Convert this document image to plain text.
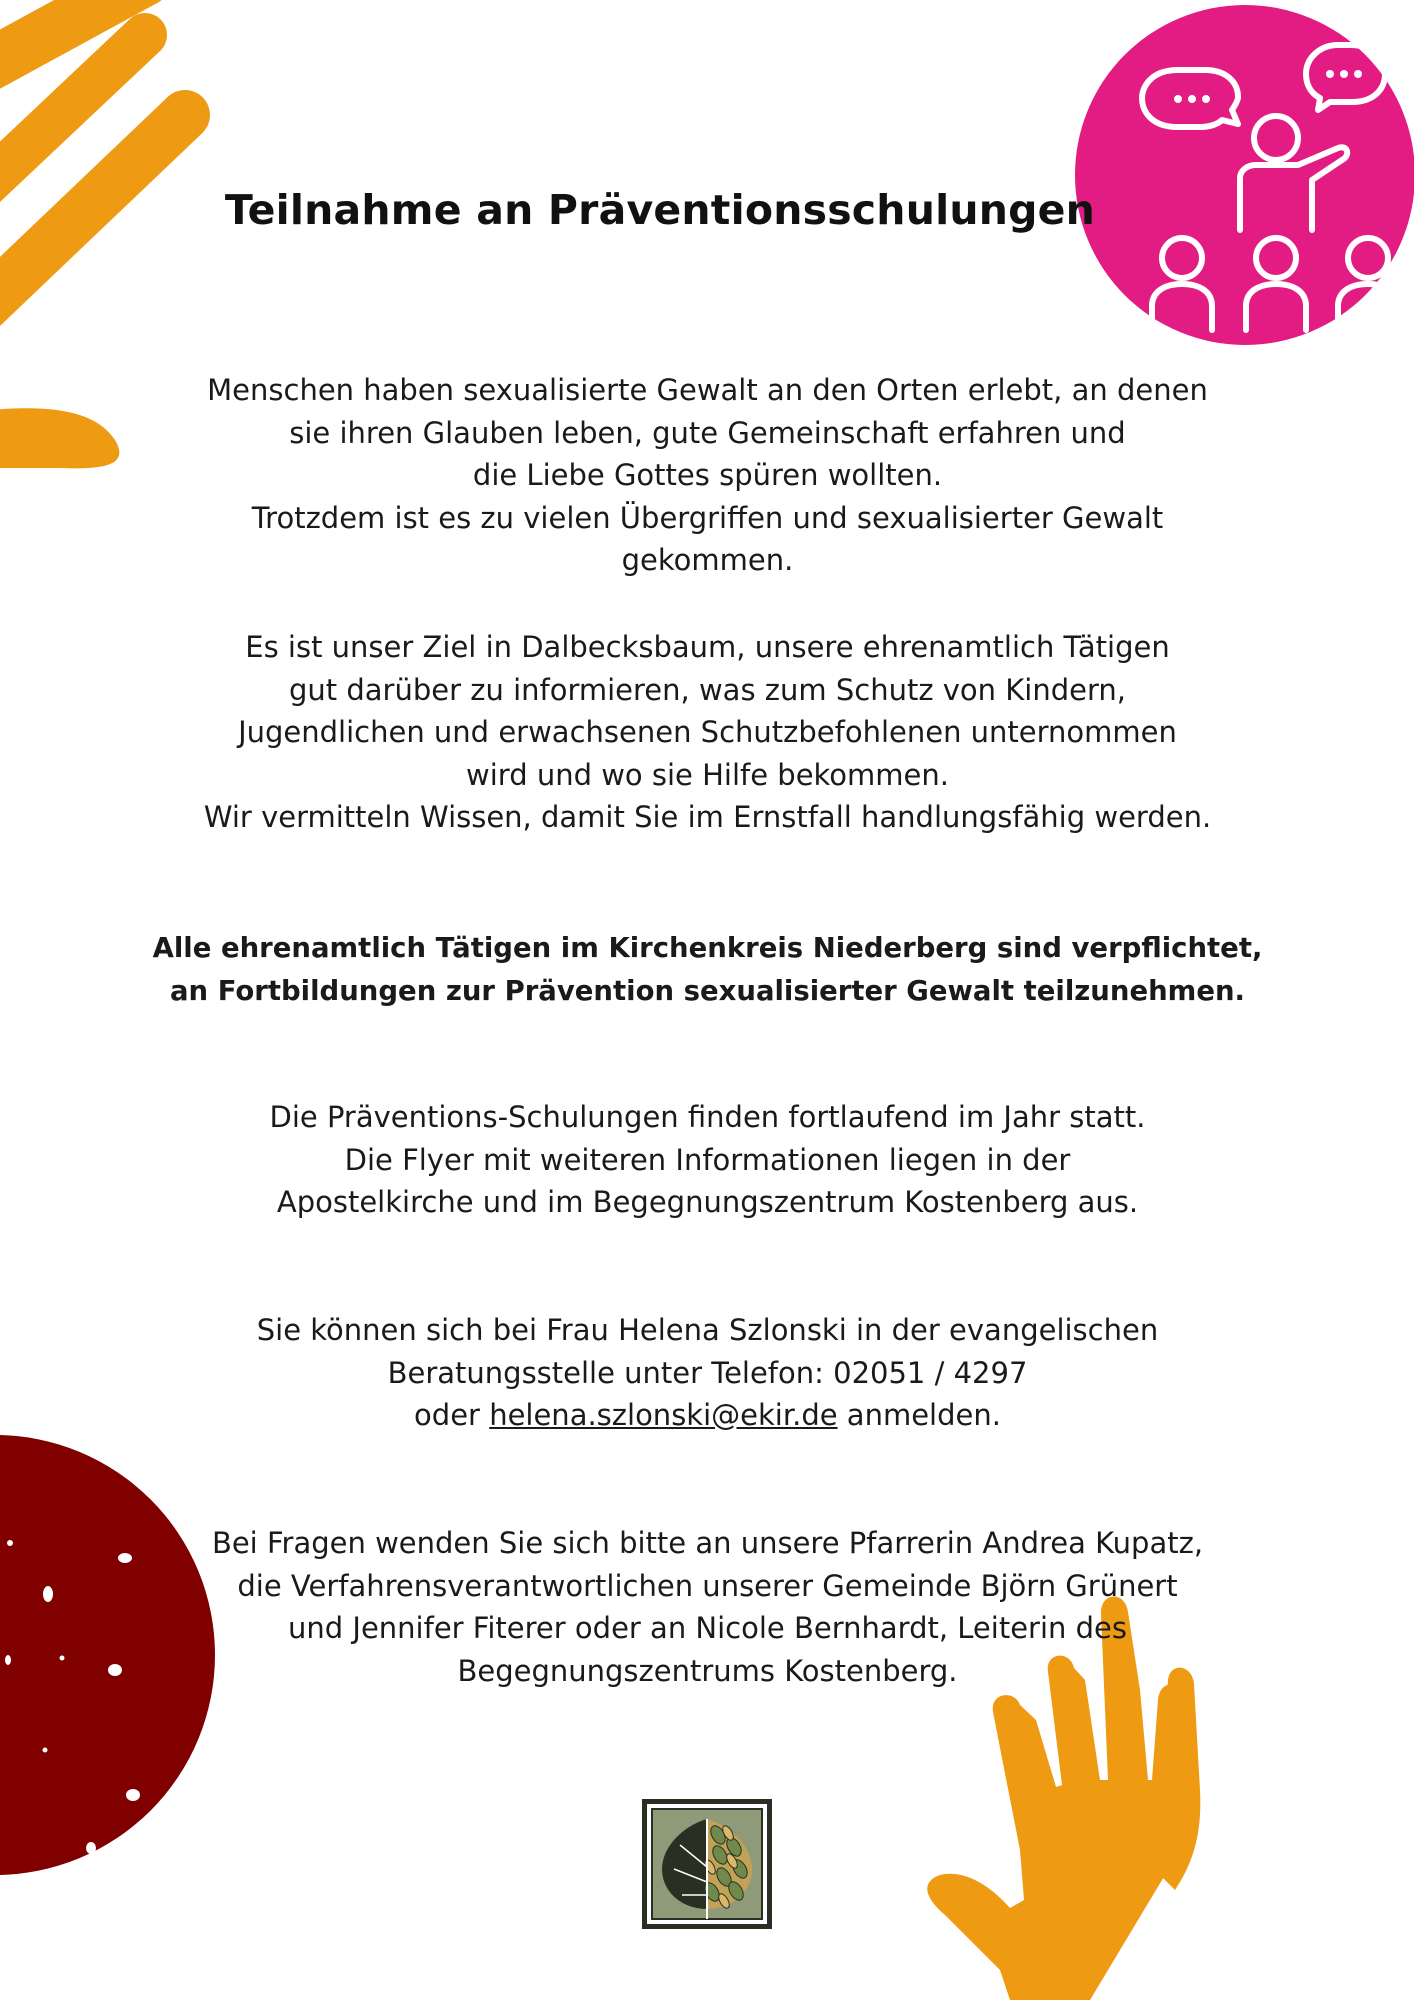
Teilnahme an Präventionsschulungen
Menschen haben sexualisierte Gewalt an den Orten erlebt, an denen
sie ihren Glauben leben, gute Gemeinschaft erfahren und
die Liebe Gottes spüren wollten.
Trotzdem ist es zu vielen Übergriffen und sexualisierter Gewalt
gekommen.
Es ist unser Ziel in Dalbecksbaum, unsere ehrenamtlich Tätigen
gut darüber zu informieren, was zum Schutz von Kindern,
Jugendlichen und erwachsenen Schutzbefohlenen unternommen
wird und wo sie Hilfe bekommen.
Wir vermitteln Wissen, damit Sie im Ernstfall handlungsfähig werden.
Alle ehrenamtlich Tätigen im Kirchenkreis Niederberg sind verpflichtet,
an Fortbildungen zur Prävention sexualisierter Gewalt teilzunehmen.
Die Präventions-Schulungen finden fortlaufend im Jahr statt.
Die Flyer mit weiteren Informationen liegen in der
Apostelkirche und im Begegnungszentrum Kostenberg aus.
Sie können sich bei Frau Helena Szlonski in der evangelischen
Beratungsstelle unter Telefon: 02051 / 4297
oder helena.szlonski@ekir.de anmelden.
Bei Fragen wenden Sie sich bitte an unsere Pfarrerin Andrea Kupatz,
die Verfahrensverantwortlichen unserer Gemeinde Björn Grünert
und Jennifer Fiterer oder an Nicole Bernhardt, Leiterin des
Begegnungszentrums Kostenberg.
